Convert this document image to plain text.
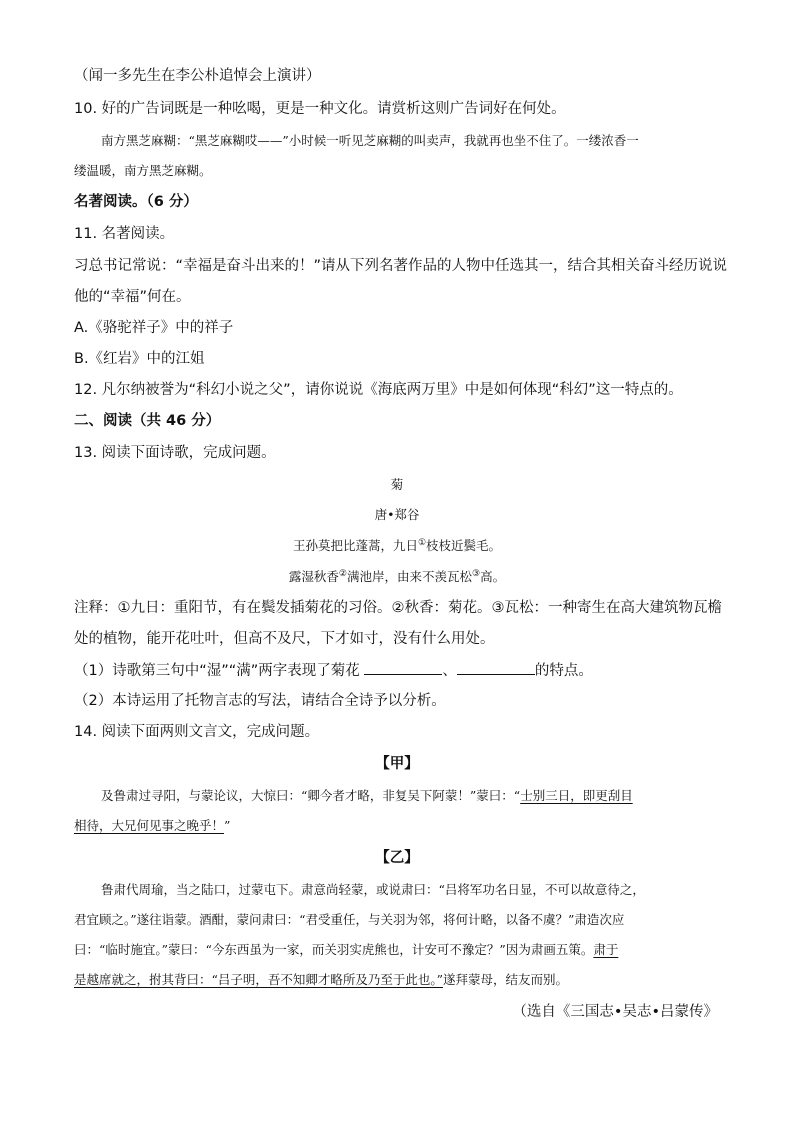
（闻一多先生在李公朴追悼会上演讲）
10. 好的广告词既是一种吆喝，更是一种文化。请赏析这则广告词好在何处。
南方黑芝麻糊：“黑芝麻糊哎——”小时候一听见芝麻糊的叫卖声，我就再也坐不住了。一缕浓香一
缕温暖，南方黑芝麻糊。
名著阅读。（6 分）
11. 名著阅读。
习总书记常说：“幸福是奋斗出来的！”请从下列名著作品的人物中任选其一，结合其相关奋斗经历说说
他的“幸福”何在。
A.《骆驼祥子》中的祥子
B.《红岩》中的江姐
12. 凡尔纳被誉为“科幻小说之父”，请你说说《海底两万里》中是如何体现“科幻”这一特点的。
二、阅读（共 46 分）
13. 阅读下面诗歌，完成问题。
菊
唐•郑谷
王孙莫把比蓬蒿，九日①枝枝近鬓毛。
露湿秋香②满池岸，由来不羡瓦松③高。
注释：①九日：重阳节，有在鬓发插菊花的习俗。②秋香：菊花。③瓦松：一种寄生在高大建筑物瓦檐
处的植物，能开花吐叶，但高不及尺，下才如寸，没有什么用处。
（1）诗歌第三句中“湿”“满”两字表现了菊花	、	的特点。
（2）本诗运用了托物言志的写法，请结合全诗予以分析。
14. 阅读下面两则文言文，完成问题。
【甲】
及鲁肃过寻阳，与蒙论议，大惊曰：“卿今者才略，非复吴下阿蒙！”蒙曰：“士别三日，即更刮目
相待，大兄何见事之晚乎！”
【乙】
鲁肃代周瑜，当之陆口，过蒙屯下。肃意尚轻蒙，或说肃曰：“吕将军功名日显，不可以故意待之，
君宜顾之。”遂往诣蒙。酒酣，蒙问肃曰：“君受重任，与关羽为邻，将何计略，以备不虞？”肃造次应
曰：“临时施宜。”蒙曰：“今东西虽为一家，而关羽实虎熊也，计安可不豫定？”因为肃画五策。肃于
是越席就之，拊其背曰：“吕子明，吾不知卿才略所及乃至于此也。”遂拜蒙母，结友而别。
（选自《三国志•吴志•吕蒙传》
